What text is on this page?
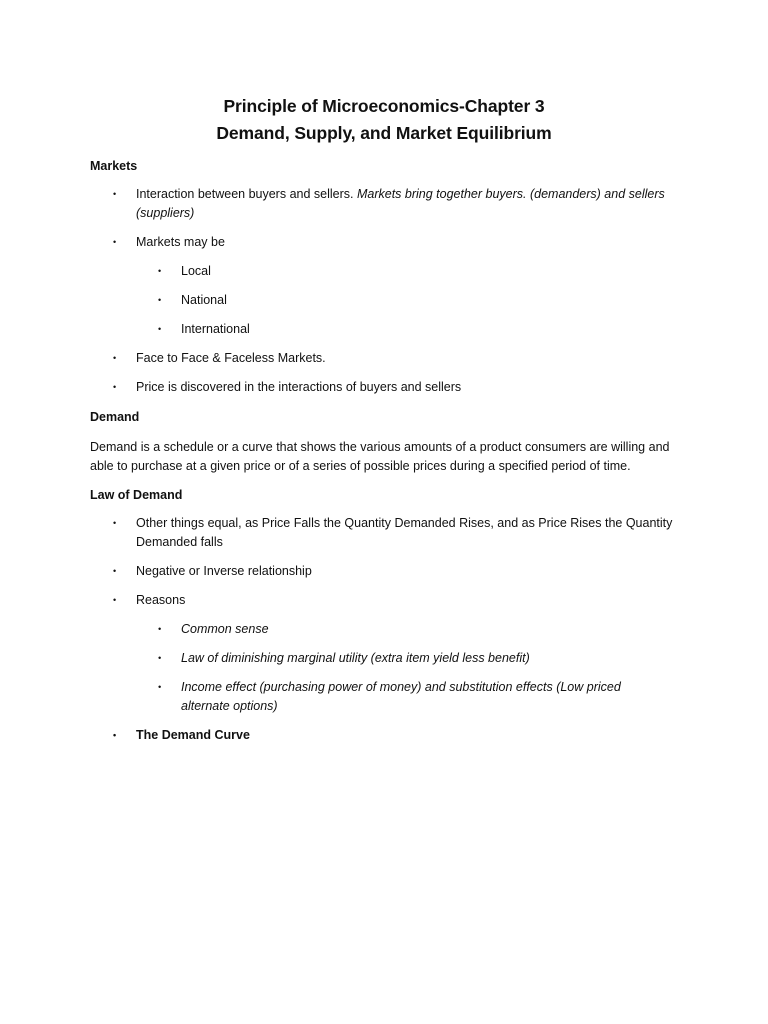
Principle of Microeconomics-Chapter 3
Demand, Supply, and Market Equilibrium
Markets
• Interaction between buyers and sellers. Markets bring together buyers. (demanders) and sellers
(suppliers)
• Markets may be
• Local
• National
• International
• Face to Face & Faceless Markets.
• Price is discovered in the interactions of buyers and sellers
Demand
Demand is a schedule or a curve that shows the various amounts of a product consumers are willing and
able to purchase at a given price or of a series of possible prices during a specified period of time.
Law of Demand
• Other things equal, as Price Falls the Quantity Demanded Rises, and as Price Rises the Quantity
Demanded falls
• Negative or Inverse relationship
• Reasons
• Common sense
• Law of diminishing marginal utility (extra item yield less benefit)
• Income effect (purchasing power of money) and substitution effects (Low priced
alternate options)
• The Demand Curve
